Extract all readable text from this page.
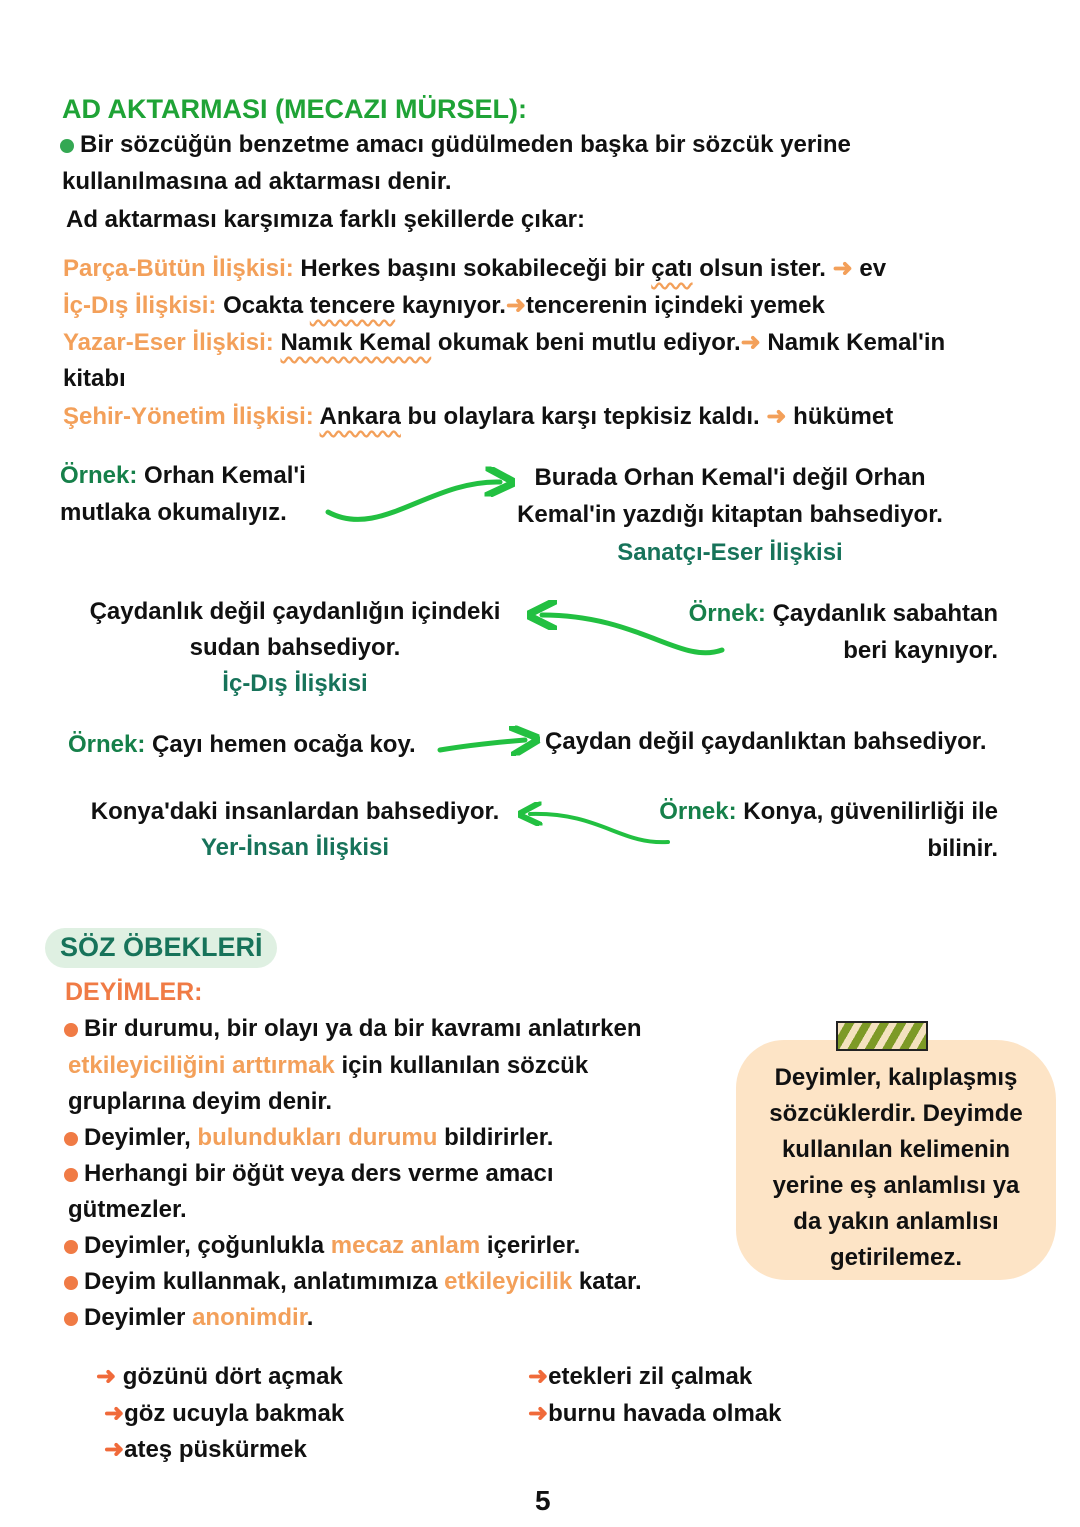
AD AKTARMASI (MECAZI MÜRSEL):
Bir sözcüğün benzetme amacı güdülmeden başka bir sözcük yerine
kullanılmasına ad aktarması denir.
Ad aktarması karşımıza farklı şekillerde çıkar:
Parça-Bütün İlişkisi: Herkes başını sokabileceği bir çatı olsun ister. ➜ ev
İç-Dış İlişkisi: Ocakta tencere kaynıyor.➜tencerenin içindeki yemek
Yazar-Eser İlişkisi: Namık Kemal okumak beni mutlu ediyor.➜ Namık Kemal'in
kitabı
Şehir-Yönetim İlişkisi: Ankara bu olaylara karşı tepkisiz kaldı. ➜ hükümet
Örnek: Orhan Kemal'i
mutlaka okumalıyız.
Burada Orhan Kemal'i değil Orhan
Kemal'in yazdığı kitaptan bahsediyor.
Sanatçı-Eser İlişkisi
Çaydanlık değil çaydanlığın içindeki
sudan bahsediyor.
İç-Dış İlişkisi
Örnek: Çaydanlık sabahtan
beri kaynıyor.
Örnek: Çayı hemen ocağa koy.	Çaydan değil çaydanlıktan bahsediyor.
Konya'daki insanlardan bahsediyor.
Yer-İnsan İlişkisi
Örnek: Konya, güvenilirliği ile
bilinir.
SÖZ ÖBEKLERİ
DEYİMLER:
Bir durumu, bir olayı ya da bir kavramı anlatırken
etkileyiciliğini arttırmak için kullanılan sözcük
gruplarına deyim denir.
Deyimler, bulundukları durumu bildirirler.
Herhangi bir öğüt veya ders verme amacı
gütmezler.
Deyimler, çoğunlukla mecaz anlam içerirler.
Deyim kullanmak, anlatımımıza etkileyicilik katar.
Deyimler anonimdir.
Deyimler, kalıplaşmış
sözcüklerdir. Deyimde
kullanılan kelimenin
yerine eş anlamlısı ya
da yakın anlamlısı
getirilemez.
➜ gözünü dört açmak
➜göz ucuyla bakmak
➜ateş püskürmek
➜etekleri zil çalmak
➜burnu havada olmak
5
